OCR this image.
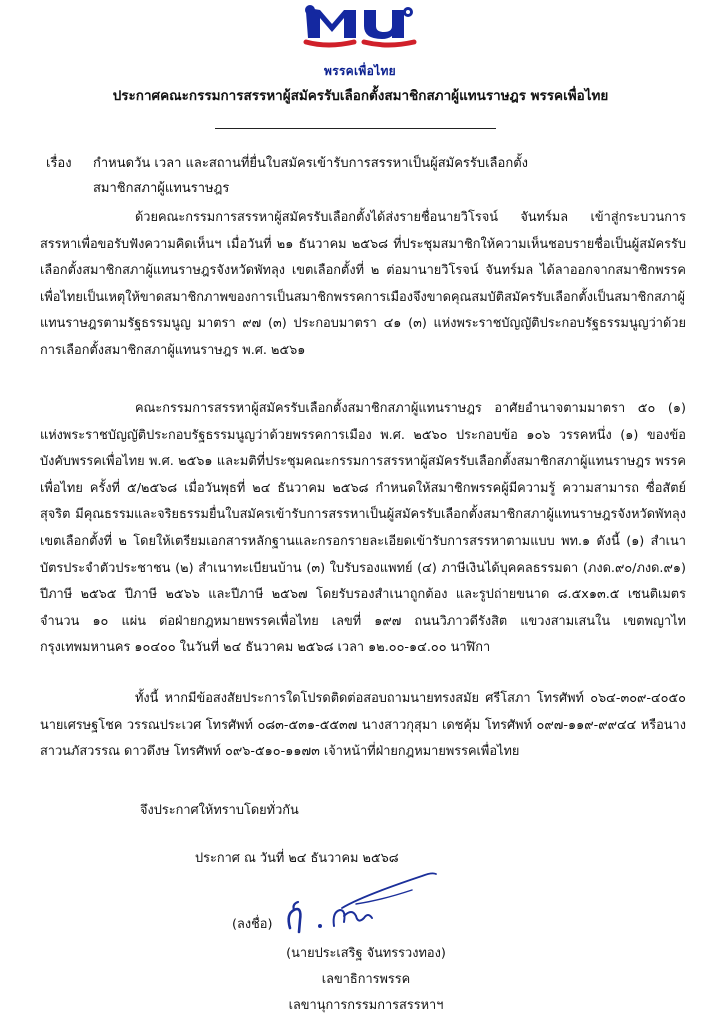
พรรคเพื่อไทย
ประกาศคณะกรรมการสรรหาผู้สมัครรับเลือกตั้งสมาชิกสภาผู้แทนราษฎร พรรคเพื่อไทย
เรื่อง กำหนดวัน เวลา และสถานที่ยื่นใบสมัครเข้ารับการสรรหาเป็นผู้สมัครรับเลือกตั้ง
สมาชิกสภาผู้แทนราษฎร

ด้วยคณะกรรมการสรรหาผู้สมัครรับเลือกตั้งได้ส่งรายชื่อนายวิโรจน์ จันทร์มล เข้าสู่กระบวนการสรรหาเพื่อขอรับฟังความคิดเห็นฯ เมื่อวันที่ ๒๑ ธันวาคม ๒๕๖๘ ที่ประชุมสมาชิกให้ความเห็นชอบรายชื่อเป็นผู้สมัครรับเลือกตั้งสมาชิกสภาผู้แทนราษฎรจังหวัดพัทลุง เขตเลือกตั้งที่ ๒ ต่อมานายวิโรจน์ จันทร์มล ได้ลาออกจากสมาชิกพรรคเพื่อไทยเป็นเหตุให้ขาดสมาชิกภาพของการเป็นสมาชิกพรรคการเมืองจึงขาดคุณสมบัติสมัครรับเลือกตั้งเป็นสมาชิกสภาผู้แทนราษฎรตามรัฐธรรมนูญ มาตรา ๙๗ (๓) ประกอบมาตรา ๔๑ (๓) แห่งพระราชบัญญัติประกอบรัฐธรรมนูญว่าด้วยการเลือกตั้งสมาชิกสภาผู้แทนราษฎร พ.ศ. ๒๕๖๑

คณะกรรมการสรรหาผู้สมัครรับเลือกตั้งสมาชิกสภาผู้แทนราษฎร อาศัยอำนาจตามมาตรา ๕๐ (๑) แห่งพระราชบัญญัติประกอบรัฐธรรมนูญว่าด้วยพรรคการเมือง พ.ศ. ๒๕๖๐ ประกอบข้อ ๑๐๖ วรรคหนึ่ง (๑) ของข้อบังคับพรรคเพื่อไทย พ.ศ. ๒๕๖๑ และมติที่ประชุมคณะกรรมการสรรหาผู้สมัครรับเลือกตั้งสมาชิกสภาผู้แทนราษฎร พรรคเพื่อไทย ครั้งที่ ๕/๒๕๖๘ เมื่อวันพุธที่ ๒๔ ธันวาคม ๒๕๖๘ กำหนดให้สมาชิกพรรคผู้มีความรู้ ความสามารถ ซื่อสัตย์สุจริต มีคุณธรรมและจริยธรรมยื่นใบสมัครเข้ารับการสรรหาเป็นผู้สมัครรับเลือกตั้งสมาชิกสภาผู้แทนราษฎรจังหวัดพัทลุง เขตเลือกตั้งที่ ๒ โดยให้เตรียมเอกสารหลักฐานและกรอกรายละเอียดเข้ารับการสรรหาตามแบบ พท.๑ ดังนี้ (๑) สำเนาบัตรประจำตัวประชาชน (๒) สำเนาทะเบียนบ้าน (๓) ใบรับรองแพทย์ (๔) ภาษีเงินได้บุคคลธรรมดา (ภงด.๙๐/ภงด.๙๑) ปีภาษี ๒๕๖๕ ปีภาษี ๒๕๖๖ และปีภาษี ๒๕๖๗ โดยรับรองสำเนาถูกต้อง และรูปถ่ายขนาด ๘.๕x๑๓.๕ เซนติเมตร จำนวน ๑๐ แผ่น ต่อฝ่ายกฎหมายพรรคเพื่อไทย เลขที่ ๑๙๗ ถนนวิภาวดีรังสิต แขวงสามเสนใน เขตพญาไท กรุงเทพมหานคร ๑๐๔๐๐ ในวันที่ ๒๔ ธันวาคม ๒๕๖๘ เวลา ๑๒.๐๐-๑๔.๐๐ นาฬิกา

ทั้งนี้ หากมีข้อสงสัยประการใดโปรดติดต่อสอบถามนายทรงสมัย ศรีโสภา โทรศัพท์ ๐๖๔-๓๐๙-๔๐๕๐ นายเศรษฐโชค วรรณประเวศ โทรศัพท์ ๐๘๓-๕๓๑-๕๕๓๗ นางสาวกุสุมา เดชคุ้ม โทรศัพท์ ๐๙๗-๑๑๙-๙๙๔๔ หรือนางสาวนภัสวรรณ ดาวดึงษ โทรศัพท์ ๐๙๖-๕๑๐-๑๑๗๓ เจ้าหน้าที่ฝ่ายกฎหมายพรรคเพื่อไทย

จึงประกาศให้ทราบโดยทั่วกัน
ประกาศ ณ วันที่ ๒๔ ธันวาคม ๒๕๖๘
(ลงชื่อ)
(นายประเสริฐ จันทรรวงทอง)
เลขาธิการพรรค
เลขานุการกรรมการสรรหาฯ
